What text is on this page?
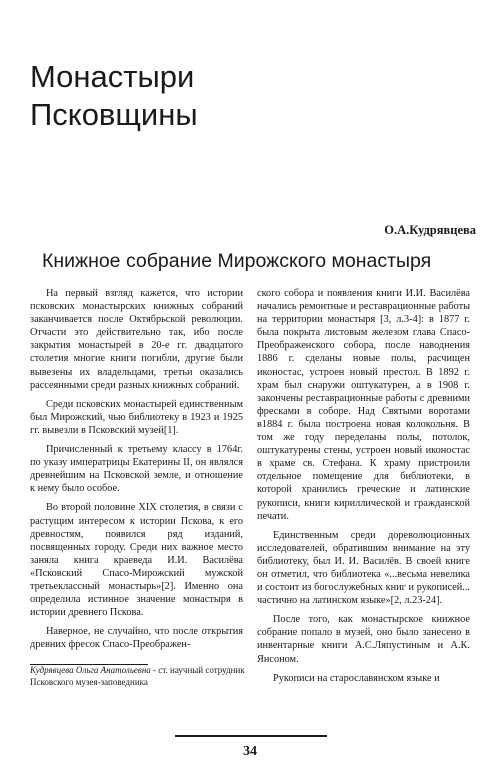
Монастыри
Псковщины

О.А.Кудрявцева

Книжное собрание Мирожского монастыря

На первый взгляд кажется, что истории псковских монастырских книжных собраний заканчивается после Октябрьской революции. Отчасти это действительно так, ибо после закрытия монастырей в 20-е гг. двадцатого столетия многие книги погибли, другие были вывезены их владельцами, третьи оказались рассеянными среди разных книжных собраний.

Среди псковских монастырей единственным был Мирожский, чью библиотеку в 1923 и 1925 гг. вывезли в Псковский музей[1].

Причисленный к третьему классу в 1764г. по указу императрицы Екатерины II, он являлся древнейшим на Псковской земле, и отношение к нему было особое.

Во второй половине XIX столетия, в связи с растущим интересом к истории Пскова, к его древностям, появился ряд изданий, посвященных городу. Среди них важное место заняла книга краеведа И.И. Василёва «Псковский Спасо-Мирожский мужской третьеклассный монастырь»[2]. Именно она определила истинное значение монастыря в истории древнего Пскова.

Наверное, не случайно, что после открытия древних фресок Спасо-Преображен-

ского собора и появления книги И.И. Василёва начались ремонтные и реставрационные работы на территории монастыря [3, л.3-4]: в 1877 г. была покрыта листовым железом глава Спасо-Преображенского собора, после наводнения 1886 г. сделаны новые полы, расчищен иконостас, устроен новый престол. В 1892 г. храм был снаружи оштукатурен, а в 1908 г. закончены реставрационные работы с древними фресками в соборе. Над Святыми воротами в1884 г. была построена новая колокольня. В том же году переделаны полы, потолок, оштукатурены стены, устроен новый иконостас в храме св. Стефана. К храму пристроили отдельное помещение для библиотеки, в которой хранились греческие и латинские рукописи, книги кириллической и гражданской печати.

Единственным среди дореволюционных исследователей, обратившим внимание на эту библиотеку, был И. И. Василёв. В своей книге он отметил, что библиотека «...весьма невелика и состоит из богослужебных книг и рукописей... частично на латинском языке»[2, л.23-24].

После того, как монастырское книжное собрание попало в музей, оно было занесено в инвентарные книги А.С.Ляпустиным и А.К. Янсоном.

Рукописи на старославянском языке и

Кудрявцева Ольга Анатольевна - ст. научный сотрудник Псковского музея-заповедника

34
